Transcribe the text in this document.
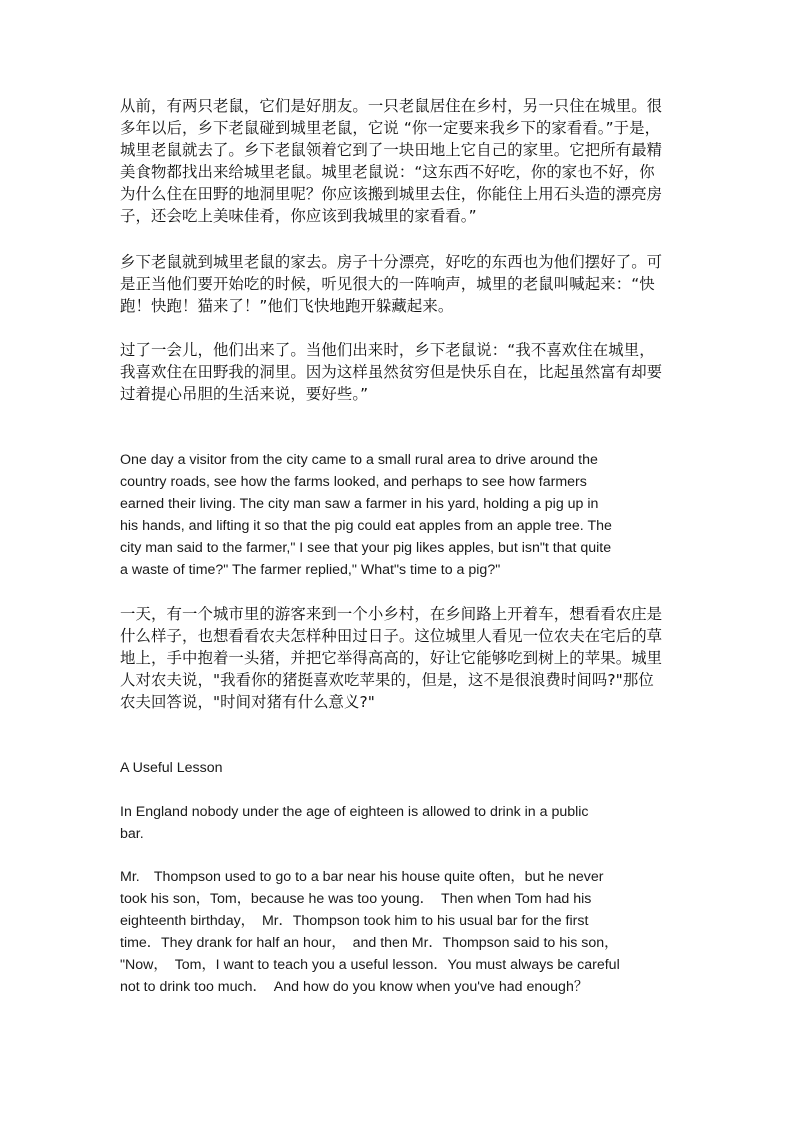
从前，有两只老鼠，它们是好朋友。一只老鼠居住在乡村，另一只住在城里。很
多年以后，乡下老鼠碰到城里老鼠，它说 “你一定要来我乡下的家看看。”于是，
城里老鼠就去了。乡下老鼠领着它到了一块田地上它自己的家里。它把所有最精
美食物都找出来给城里老鼠。城里老鼠说：“这东西不好吃，你的家也不好，你
为什么住在田野的地洞里呢？你应该搬到城里去住，你能住上用石头造的漂亮房
子，还会吃上美味佳肴，你应该到我城里的家看看。”
乡下老鼠就到城里老鼠的家去。房子十分漂亮，好吃的东西也为他们摆好了。可
是正当他们要开始吃的时候，听见很大的一阵响声，城里的老鼠叫喊起来：“快
跑！快跑！猫来了！”他们飞快地跑开躲藏起来。
过了一会儿，他们出来了。当他们出来时，乡下老鼠说：“我不喜欢住在城里，
我喜欢住在田野我的洞里。因为这样虽然贫穷但是快乐自在，比起虽然富有却要
过着提心吊胆的生活来说，要好些。”
One day a visitor from the city came to a small rural area to drive around the
country roads, see how the farms looked, and perhaps to see how farmers
earned their living. The city man saw a farmer in his yard, holding a pig up in
his hands, and lifting it so that the pig could eat apples from an apple tree. The
city man said to the farmer," I see that your pig likes apples, but isn"t that quite
a waste of time?" The farmer replied," What"s time to a pig?"
一天，有一个城市里的游客来到一个小乡村，在乡间路上开着车，想看看农庄是
什么样子，也想看看农夫怎样种田过日子。这位城里人看见一位农夫在宅后的草
地上，手中抱着一头猪，并把它举得高高的，好让它能够吃到树上的苹果。城里
人对农夫说，"我看你的猪挺喜欢吃苹果的，但是，这不是很浪费时间吗?"那位
农夫回答说，"时间对猪有什么意义?"
A Useful Lesson
In England nobody under the age of eighteen is allowed to drink in a public
bar.
Mr.　Thompson used to go to a bar near his house quite often，but he never
took his son，Tom，because he was too young．　Then when Tom had his
eighteenth birthday，　Mr．Thompson took him to his usual bar for the first
time．They drank for half an hour，　and then Mr．Thompson said to his son，
"Now，　Tom，I want to teach you a useful lesson．You must always be careful
not to drink too much．　And how do you know when you've had enough？
